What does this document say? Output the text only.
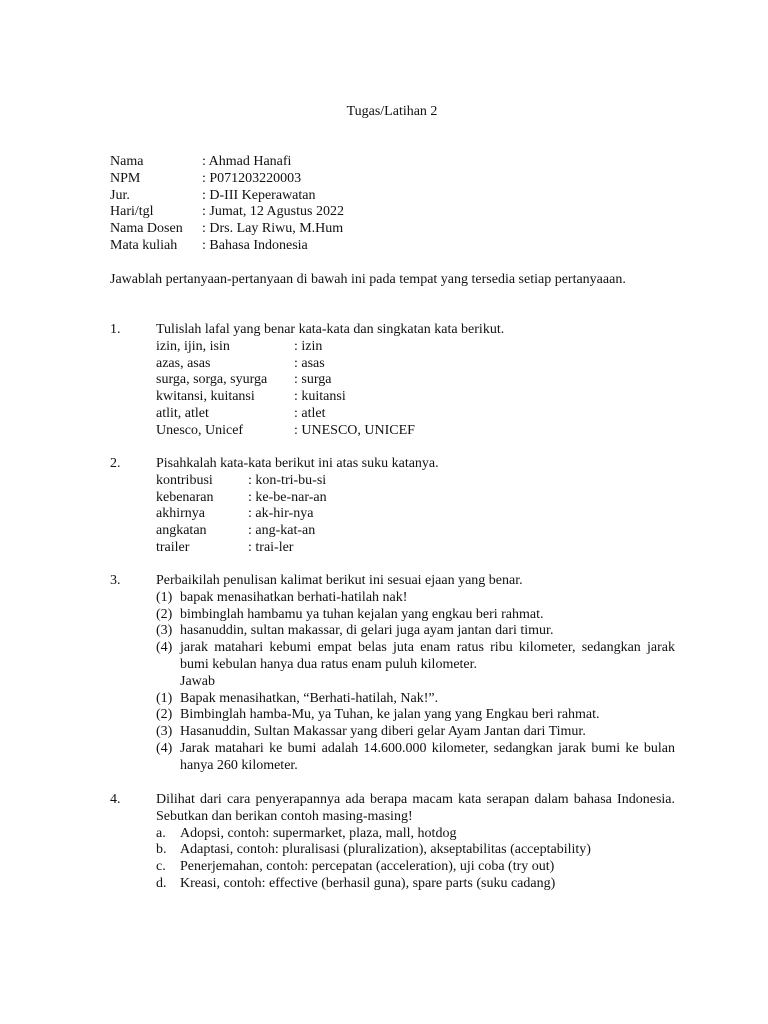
Tugas/Latihan 2
Nama	: Ahmad Hanafi
NPM	: P071203220003
Jur.	: D-III Keperawatan
Hari/tgl	: Jumat, 12 Agustus 2022
Nama Dosen	: Drs. Lay Riwu, M.Hum
Mata kuliah	: Bahasa Indonesia
Jawablah pertanyaan-pertanyaan di bawah ini pada tempat yang tersedia setiap pertanyaaan.
1.	Tulislah lafal yang benar kata-kata dan singkatan kata berikut.
izin, ijin, isin	: izin
azas, asas	: asas
surga, sorga, syurga	: surga
kwitansi, kuitansi	: kuitansi
atlit, atlet	: atlet
Unesco, Unicef	: UNESCO, UNICEF
2.	Pisahkalah kata-kata berikut ini atas suku katanya.
kontribusi	: kon-tri-bu-si
kebenaran	: ke-be-nar-an
akhirnya	: ak-hir-nya
angkatan	: ang-kat-an
trailer	: trai-ler
3.	Perbaikilah penulisan kalimat berikut ini sesuai ejaan yang benar.
(1) bapak menasihatkan berhati-hatilah nak!
(2) bimbinglah hambamu ya tuhan kejalan yang engkau beri rahmat.
(3) hasanuddin, sultan makassar, di gelari juga ayam jantan dari timur.
(4) jarak matahari kebumi empat belas juta enam ratus ribu kilometer, sedangkan jarak bumi kebulan hanya dua ratus enam puluh kilometer.
Jawab
(1) Bapak menasihatkan, “Berhati-hatilah, Nak!”.
(2) Bimbinglah hamba-Mu, ya Tuhan, ke jalan yang yang Engkau beri rahmat.
(3) Hasanuddin, Sultan Makassar yang diberi gelar Ayam Jantan dari Timur.
(4) Jarak matahari ke bumi adalah 14.600.000 kilometer, sedangkan jarak bumi ke bulan hanya 260 kilometer.
4.	Dilihat dari cara penyerapannya ada berapa macam kata serapan dalam bahasa Indonesia. Sebutkan dan berikan contoh masing-masing!
a.	Adopsi, contoh: supermarket, plaza, mall, hotdog
b. Adaptasi, contoh: pluralisasi (pluralization), akseptabilitas (acceptability)
c.	Penerjemahan, contoh: percepatan (acceleration), uji coba (try out)
d. Kreasi, contoh: effective (berhasil guna), spare parts (suku cadang)
